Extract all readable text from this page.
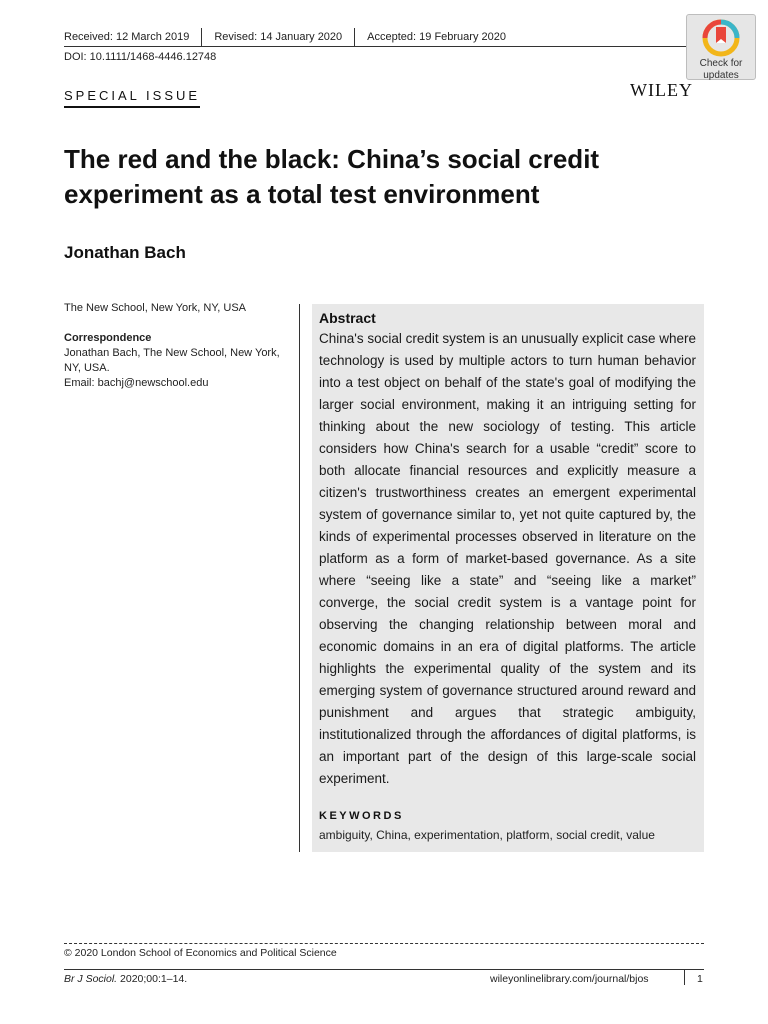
Received: 12 March 2019	Revised: 14 January 2020	Accepted: 19 February 2020
DOI: 10.1111/1468-4446.12748
Check for
updates
WILEY
SPECIAL ISSUE
The red and the black: China’s social credit
experiment as a total test environment
Jonathan Bach
The New School, New York, NY, USA
Correspondence
Jonathan Bach, The New School, New York,
NY, USA.
Email: bachj@newschool.edu
Abstract
China's social credit system is an unusually explicit case where technology is used by multiple actors to turn human behavior into a test object on behalf of the state's goal of modifying the larger social environment, making it an intriguing setting for thinking about the new sociology of testing. This article considers how China's search for a usable “credit” score to both allocate financial resources and explicitly measure a citizen's trustworthiness creates an emergent experimental system of governance similar to, yet not quite captured by, the kinds of experimental processes observed in literature on the platform as a form of market-based governance. As a site where “seeing like a state” and “seeing like a market” converge, the social credit system is a vantage point for observing the changing relationship between moral and economic domains in an era of digital platforms. The article highlights the experimental quality of the system and its emerging system of governance structured around reward and punishment and argues that strategic ambiguity, institutionalized through the affordances of digital platforms, is an important part of the design of this large-scale social experiment.
KEYWORDS
ambiguity, China, experimentation, platform, social credit, value
© 2020 London School of Economics and Political Science
Br J Sociol. 2020;00:1–14.	wileyonlinelibrary.com/journal/bjos	1
